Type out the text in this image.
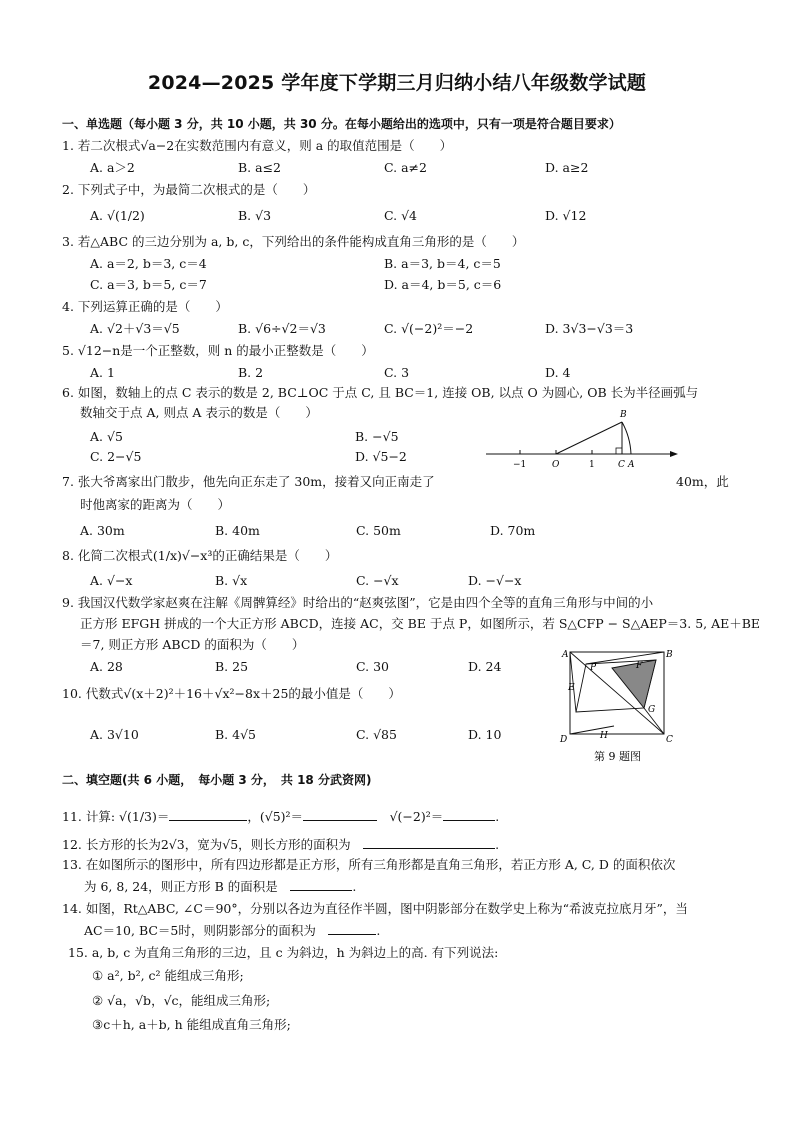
2024—2025 学年度下学期三月归纳小结八年级数学试题
一、单选题（每小题 3 分，共 10 小题，共 30 分。在每小题给出的选项中，只有一项是符合题目要求）
1. 若二次根式√a−2在实数范围内有意义，则 a 的取值范围是（　　）
A. a＞2	B. a≤2	C. a≠2	D. a≥2
2. 下列式子中，为最简二次根式的是（　　）
A. √(1/2)	B. √3	C. √4	D. √12
3. 若△ABC 的三边分别为 a, b, c，下列给出的条件能构成直角三角形的是（　　）
A. a＝2, b＝3, c＝4	B. a＝3, b＝4, c＝5
C. a＝3, b＝5, c＝7	D. a＝4, b＝5, c＝6
4. 下列运算正确的是（　　）
A. √2＋√3＝√5	B. √6÷√2＝√3	C. √(−2)²＝−2	D. 3√3−√3＝3
5. √12−n是一个正整数，则 n 的最小正整数是（　　）
A. 1	B. 2	C. 3	D. 4
6. 如图，数轴上的点 C 表示的数是 2, BC⊥OC 于点 C, 且 BC＝1, 连接 OB, 以点 O 为圆心, OB 长为半径画弧与
数轴交于点 A, 则点 A 表示的数是（　　）
A. √5	B. −√5
C. 2−√5	D. √5−2
B
−1	O	1	C A
7. 张大爷离家出门散步，他先向正东走了 30m，接着又向正南走了	40m，此
时他离家的距离为（　　）
A. 30m	B. 40m	C. 50m	D. 70m
8. 化简二次根式(1/x)√−x³的正确结果是（　　）
A. √−x	B. √x	C. −√x	D. −√−x
9. 我国汉代数学家赵爽在注解《周髀算经》时给出的“赵爽弦图”，它是由四个全等的直角三角形与中间的小
正方形 EFGH 拼成的一个大正方形 ABCD，连接 AC，交 BE 于点 P，如图所示，若 S△CFP − S△AEP＝3. 5, AE＋BE
＝7, 则正方形 ABCD 的面积为（　　）
A. 28	B. 25	C. 30	D. 24
A	B
C
D
E
F
G
H
P
第 9 题图
10. 代数式√(x＋2)²＋16＋√x²−8x＋25的最小值是（　　）
A. 3√10	B. 4√5	C. √85	D. 10
二、填空题(共 6 小题，　每小题 3 分，　共 18 分武资网)
11. 计算: √(1/3)＝	，(√5)²＝	　√(−2)²＝	.
12. 长方形的长为2√3，宽为√5，则长方形的面积为　	.
13. 在如图所示的图形中，所有四边形都是正方形，所有三角形都是直角三角形，若正方形 A, C, D 的面积依次
为 6, 8, 24，则正方形 B 的面积是　	.
14. 如图，Rt△ABC, ∠C＝90°，分别以各边为直径作半圆，图中阴影部分在数学史上称为“希波克拉底月牙”，当
AC＝10, BC＝5时，则阴影部分的面积为　	.
15. a, b, c 为直角三角形的三边，且 c 为斜边，h 为斜边上的高. 有下列说法:
① a², b², c² 能组成三角形;
② √a，√b，√c，能组成三角形;
③c＋h, a＋b, h 能组成直角三角形;
